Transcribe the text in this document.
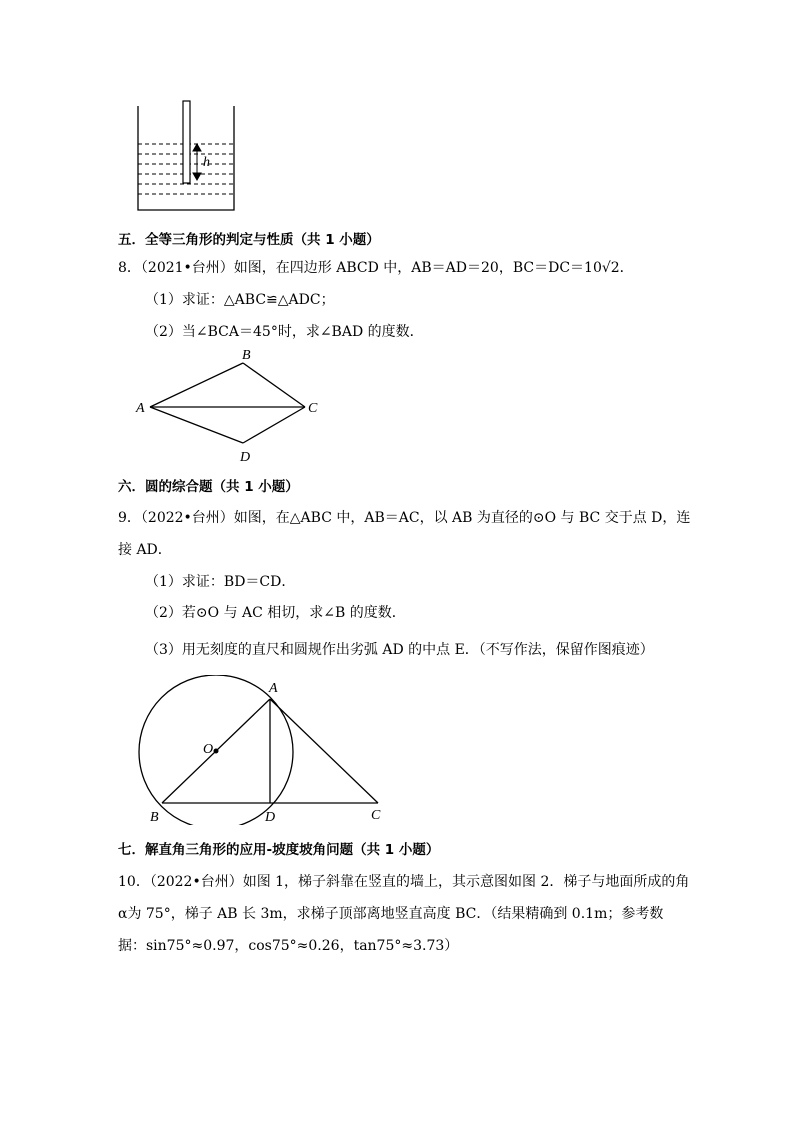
h
五．全等三角形的判定与性质（共 1 小题）
8．（2021•台州）如图，在四边形 ABCD 中，AB＝AD＝20，BC＝DC＝10√2．
（1）求证：△ABC≌△ADC；
（2）当∠BCA＝45°时，求∠BAD 的度数．
A
B
C
D
六．圆的综合题（共 1 小题）
9．（2022•台州）如图，在△ABC 中，AB＝AC，以 AB 为直径的⊙O 与 BC 交于点 D，连
接 AD．
（1）求证：BD＝CD．
（2）若⊙O 与 AC 相切，求∠B 的度数．
（3）用无刻度的直尺和圆规作出劣弧 AD 的中点 E．（不写作法，保留作图痕迹）
A
O
B	D	C
七．解直角三角形的应用-坡度坡角问题（共 1 小题）
10．（2022•台州）如图 1，梯子斜靠在竖直的墙上，其示意图如图 2．梯子与地面所成的角
α为 75°，梯子 AB 长 3m，求梯子顶部离地竖直高度 BC．（结果精确到 0.1m；参考数
据：sin75°≈0.97，cos75°≈0.26，tan75°≈3.73）
